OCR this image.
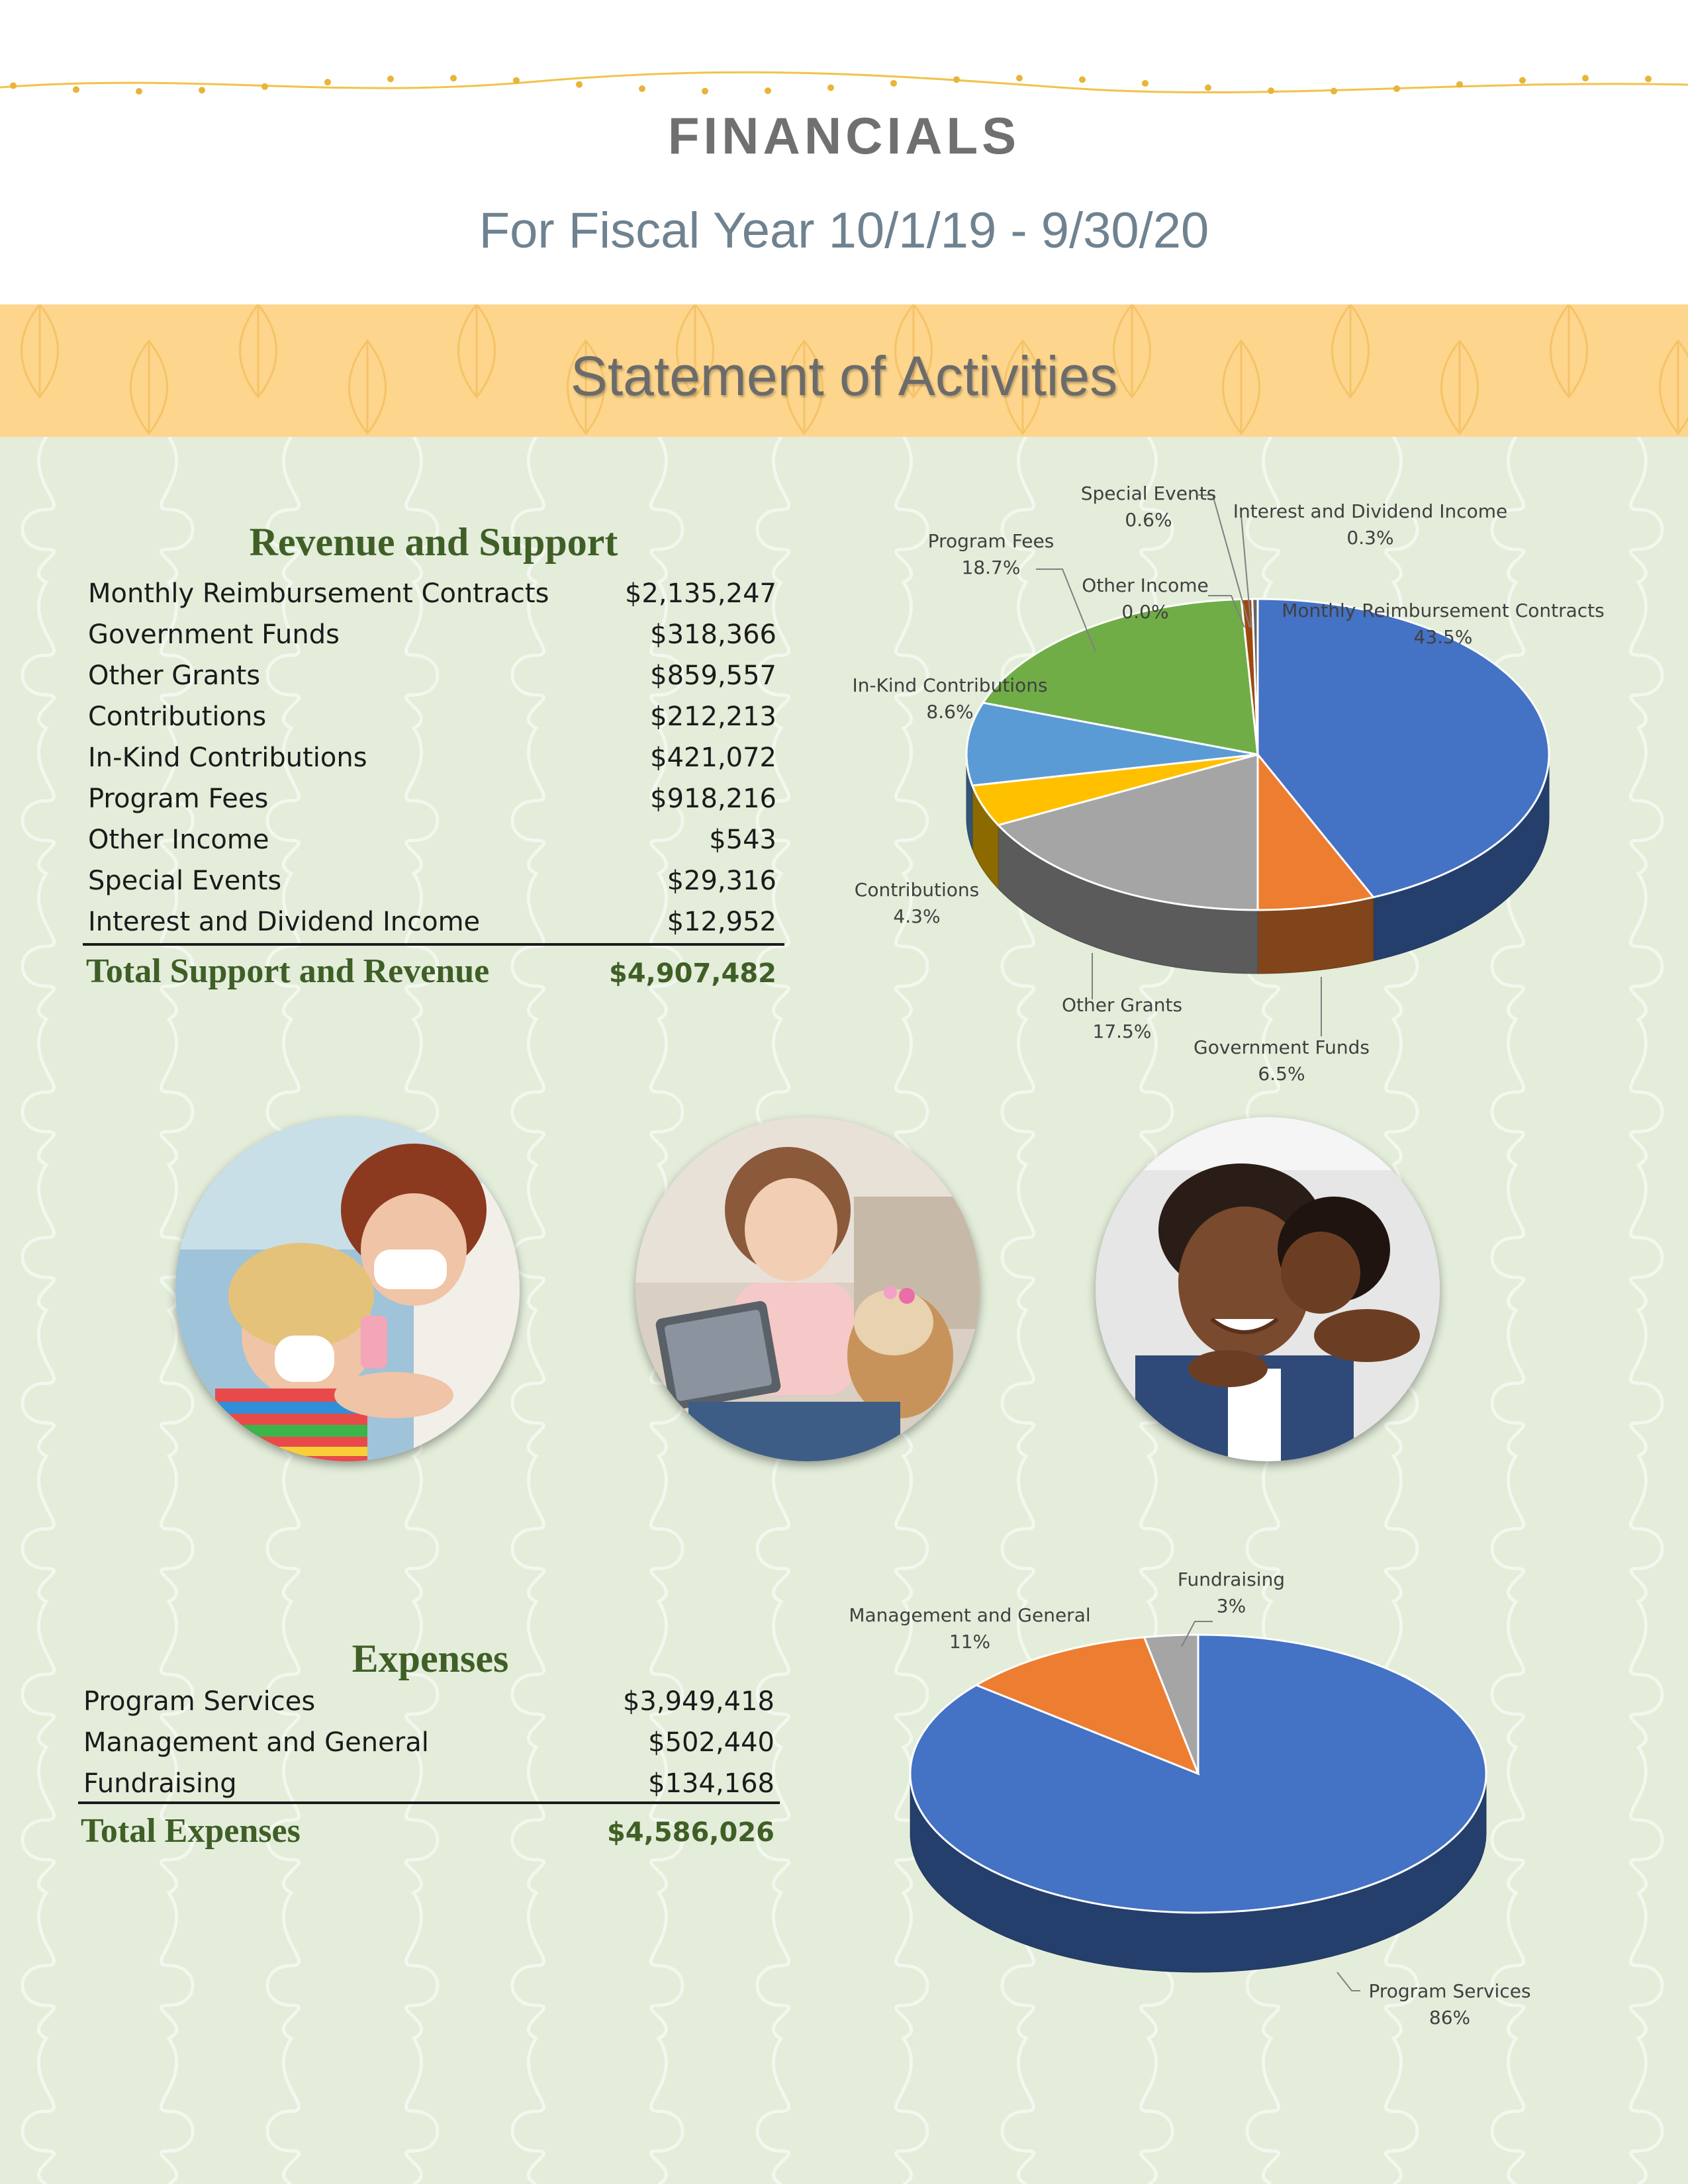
FINANCIALS
For Fiscal Year 10/1/19 - 9/30/20
Statement of Activities
Revenue and Support
Monthly Reimbursement Contracts	$2,135,247
Government Funds	$318,366
Other Grants	$859,557
Contributions	$212,213
In-Kind Contributions	$421,072
Program Fees	$918,216
Other Income	$543
Special Events	$29,316
Interest and Dividend Income	$12,952
Total Support and Revenue	$4,907,482
Monthly Reimbursement Contracts
43.5%
Government Funds
6.5%
Other Grants
17.5%
Contributions
4.3%
In-Kind Contributions
8.6%
Program Fees
18.7%
Other Income
0.0%
Special Events
0.6%	Interest and Dividend Income
0.3%
Expenses
Program Services	$3,949,418
Management and General	$502,440
Fundraising	$134,168
Total Expenses	$4,586,026
Program Services
86%
Management and General
11%
Fundraising
3%
